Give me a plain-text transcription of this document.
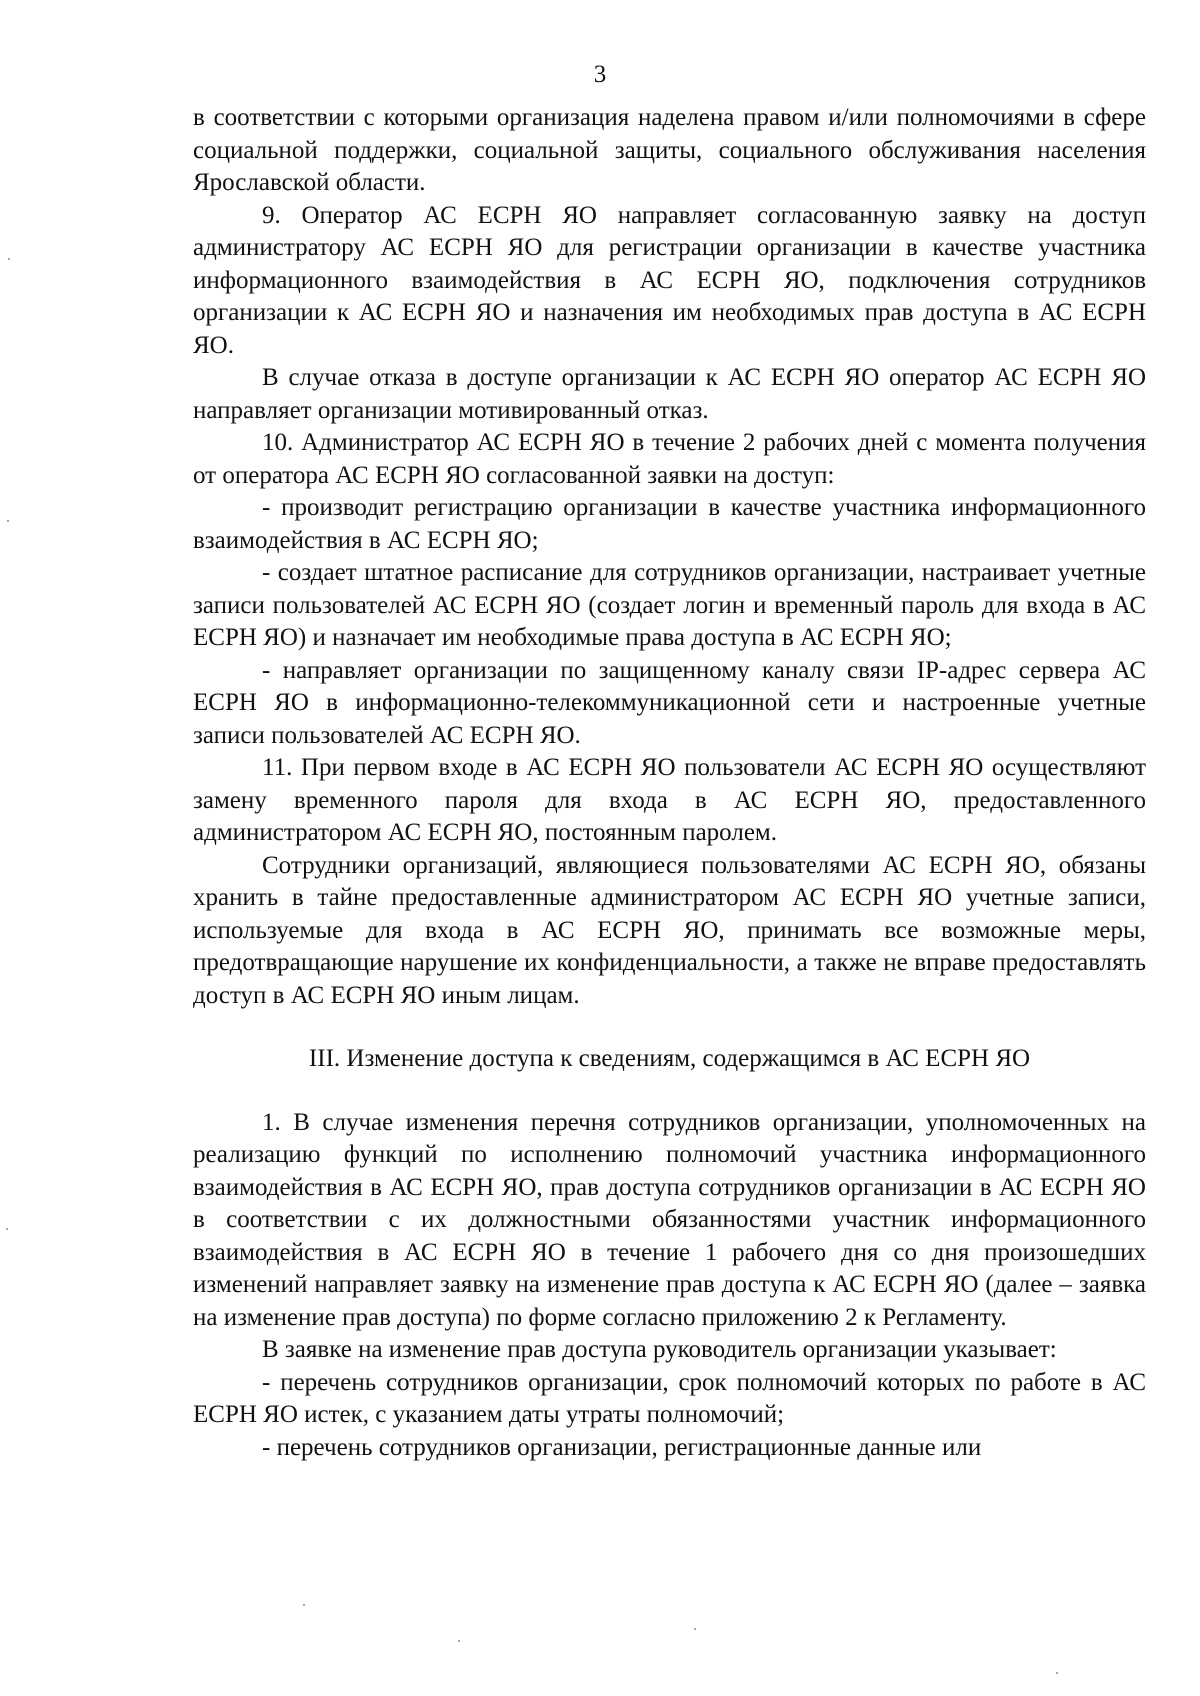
3

в соответствии с которыми организация наделена правом и/или полномочиями в сфере социальной поддержки, социальной защиты, социального обслуживания населения Ярославской области.

9. Оператор АС ЕСРН ЯО направляет согласованную заявку на доступ администратору АС ЕСРН ЯО для регистрации организации в качестве участника информационного взаимодействия в АС ЕСРН ЯО, подключения сотрудников организации к АС ЕСРН ЯО и назначения им необходимых прав доступа в АС ЕСРН ЯО.

В случае отказа в доступе организации к АС ЕСРН ЯО оператор АС ЕСРН ЯО направляет организации мотивированный отказ.

10. Администратор АС ЕСРН ЯО в течение 2 рабочих дней с момента получения от оператора АС ЕСРН ЯО согласованной заявки на доступ:

- производит регистрацию организации в качестве участника информационного взаимодействия в АС ЕСРН ЯО;

- создает штатное расписание для сотрудников организации, настраивает учетные записи пользователей АС ЕСРН ЯО (создает логин и временный пароль для входа в АС ЕСРН ЯО) и назначает им необходимые права доступа в АС ЕСРН ЯО;

- направляет организации по защищенному каналу связи IP-адрес сервера АС ЕСРН ЯО в информационно-телекоммуникационной сети и настроенные учетные записи пользователей АС ЕСРН ЯО.

11. При первом входе в АС ЕСРН ЯО пользователи АС ЕСРН ЯО осуществляют замену временного пароля для входа в АС ЕСРН ЯО, предоставленного администратором АС ЕСРН ЯО, постоянным паролем.

Сотрудники организаций, являющиеся пользователями АС ЕСРН ЯО, обязаны хранить в тайне предоставленные администратором АС ЕСРН ЯО учетные записи, используемые для входа в АС ЕСРН ЯО, принимать все возможные меры, предотвращающие нарушение их конфиденциальности, а также не вправе предоставлять доступ в АС ЕСРН ЯО иным лицам.

III. Изменение доступа к сведениям, содержащимся в АС ЕСРН ЯО

1. В случае изменения перечня сотрудников организации, уполномоченных на реализацию функций по исполнению полномочий участника информационного взаимодействия в АС ЕСРН ЯО, прав доступа сотрудников организации в АС ЕСРН ЯО в соответствии с их должностными обязанностями участник информационного взаимодействия в АС ЕСРН ЯО в течение 1 рабочего дня со дня произошедших изменений направляет заявку на изменение прав доступа к АС ЕСРН ЯО (далее – заявка на изменение прав доступа) по форме согласно приложению 2 к Регламенту.

В заявке на изменение прав доступа руководитель организации указывает:

- перечень сотрудников организации, срок полномочий которых по работе в АС ЕСРН ЯО истек, с указанием даты утраты полномочий;

- перечень сотрудников организации, регистрационные данные или
